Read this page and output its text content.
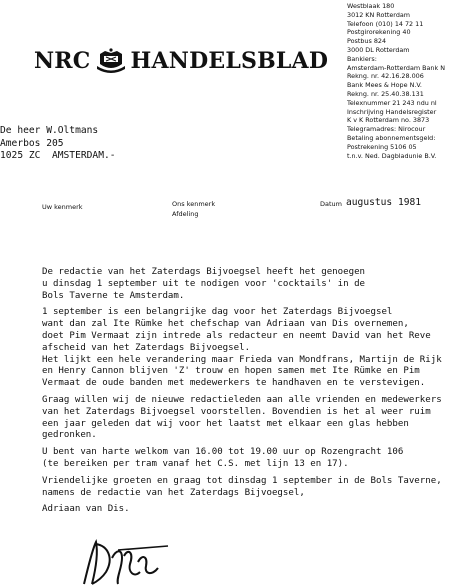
NRC HANDELSBLAD
Westblaak 180
3012 KN Rotterdam
Telefoon (010) 14 72 11
Postgirorekening 40
Postbus 824
3000 DL Rotterdam
Bankiers:
Amsterdam-Rotterdam Bank N
Rekng. nr. 42.16.28.006
Bank Mees & Hope N.V.
Rekng. nr. 25.40.38.131
Telexnummer 21 243 ndu nl
Inschrijving Handelsregister
K v K Rotterdam no. 3873
Telegramadres: Nirocour
Betaling abonnementsgeld:
Postrekening 5106 05
t.n.v. Ned. Dagbladunie B.V.
De heer W.Oltmans
Amerbos 205
1025 ZC  AMSTERDAM.-
Uw kenmerk	Ons kenmerk
Afdeling
Datum augustus 1981
De redactie van het Zaterdags Bijvoegsel heeft het genoegen
u dinsdag 1 september uit te nodigen voor 'cocktails' in de
Bols Taverne te Amsterdam.
1 september is een belangrijke dag voor het Zaterdags Bijvoegsel
want dan zal Ite Rümke het chefschap van Adriaan van Dis overnemen,
doet Pim Vermaat zijn intrede als redacteur en neemt David van het Reve
afscheid van het Zaterdags Bijvoegsel.
Het lijkt een hele verandering maar Frieda van Mondfrans, Martijn de Rijk
en Henry Cannon blijven 'Z' trouw en hopen samen met Ite Rümke en Pim
Vermaat de oude banden met medewerkers te handhaven en te verstevigen.
Graag willen wij de nieuwe redactieleden aan alle vrienden en medewerkers
van het Zaterdags Bijvoegsel voorstellen. Bovendien is het al weer ruim
een jaar geleden dat wij voor het laatst met elkaar een glas hebben
gedronken.
U bent van harte welkom van 16.00 tot 19.00 uur op Rozengracht 106
(te bereiken per tram vanaf het C.S. met lijn 13 en 17).
Vriendelijke groeten en graag tot dinsdag 1 september in de Bols Taverne,
namens de redactie van het Zaterdags Bijvoegsel,
Adriaan van Dis.
